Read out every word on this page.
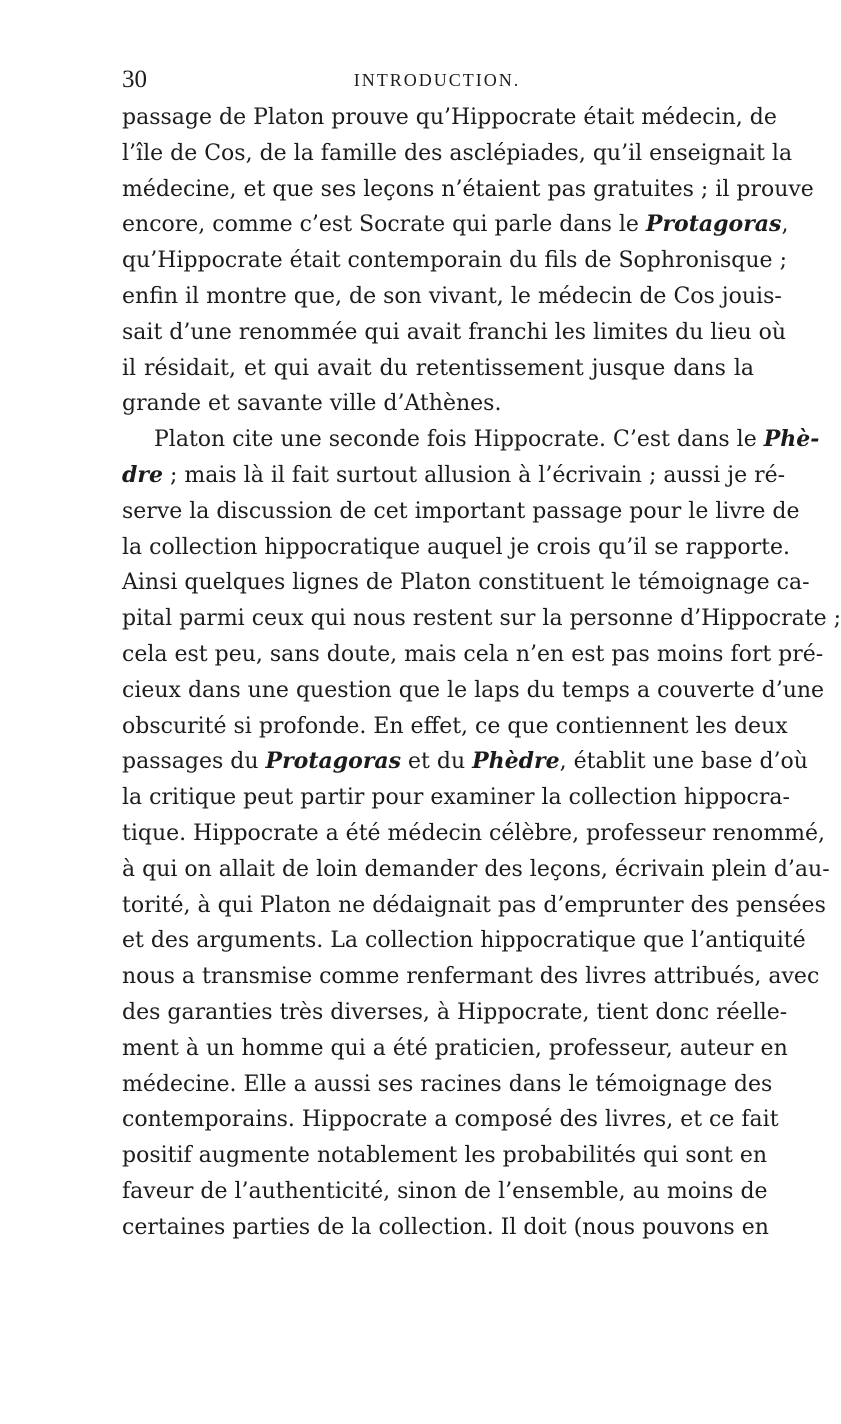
30	INTRODUCTION.
passage de Platon prouve qu’Hippocrate était médecin, de
l’île de Cos, de la famille des asclépiades, qu’il enseignait la
médecine, et que ses leçons n’étaient pas gratuites ; il prouve
encore, comme c’est Socrate qui parle dans le Protagoras,
qu’Hippocrate était contemporain du fils de Sophronisque ;
enfin il montre que, de son vivant, le médecin de Cos jouis-
sait d’une renommée qui avait franchi les limites du lieu où
il résidait, et qui avait du retentissement jusque dans la
grande et savante ville d’Athènes.
Platon cite une seconde fois Hippocrate. C’est dans le Phè-
dre ; mais là il fait surtout allusion à l’écrivain ; aussi je ré-
serve la discussion de cet important passage pour le livre de
la collection hippocratique auquel je crois qu’il se rapporte.
Ainsi quelques lignes de Platon constituent le témoignage ca-
pital parmi ceux qui nous restent sur la personne d’Hippocrate ;
cela est peu, sans doute, mais cela n’en est pas moins fort pré-
cieux dans une question que le laps du temps a couverte d’une
obscurité si profonde. En effet, ce que contiennent les deux
passages du Protagoras et du Phèdre, établit une base d’où
la critique peut partir pour examiner la collection hippocra-
tique. Hippocrate a été médecin célèbre, professeur renommé,
à qui on allait de loin demander des leçons, écrivain plein d’au-
torité, à qui Platon ne dédaignait pas d’emprunter des pensées
et des arguments. La collection hippocratique que l’antiquité
nous a transmise comme renfermant des livres attribués, avec
des garanties très diverses, à Hippocrate, tient donc réelle-
ment à un homme qui a été praticien, professeur, auteur en
médecine. Elle a aussi ses racines dans le témoignage des
contemporains. Hippocrate a composé des livres, et ce fait
positif augmente notablement les probabilités qui sont en
faveur de l’authenticité, sinon de l’ensemble, au moins de
certaines parties de la collection. Il doit (nous pouvons en
